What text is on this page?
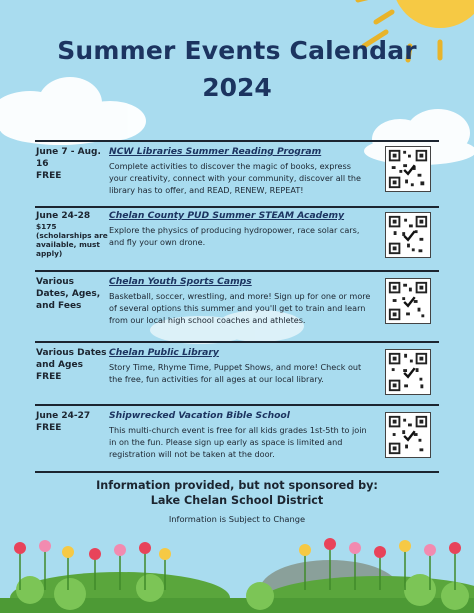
Summer Events Calendar
2024
June 7 - Aug. 16
FREE
NCW Libraries Summer Reading Program
Complete activities to discover the magic of books, express your creativity, connect with your community, discover all the library has to offer, and READ, RENEW, REPEAT!
June 24-28
$175 (scholarships are available, must apply)
Chelan County PUD Summer STEAM Academy
Explore the physics of producing hydropower, race solar cars, and fly your own drone.
Various Dates, Ages, and Fees
Chelan Youth Sports Camps
Basketball, soccer, wrestling, and more! Sign up for one or more of several options this summer and you'll get to train and learn from our local high school coaches and athletes.
Various Dates and Ages
FREE
Chelan Public Library
Story Time, Rhyme Time, Puppet Shows, and more! Check out the free, fun activities for all ages at our local library.
June 24-27
FREE
Shipwrecked Vacation Bible School
This multi-church event is free for all kids grades 1st-5th to join in on the fun. Please sign up early as space is limited and registration will not be taken at the door.
Information provided, but not sponsored by:
Lake Chelan School District
Information is Subject to Change
